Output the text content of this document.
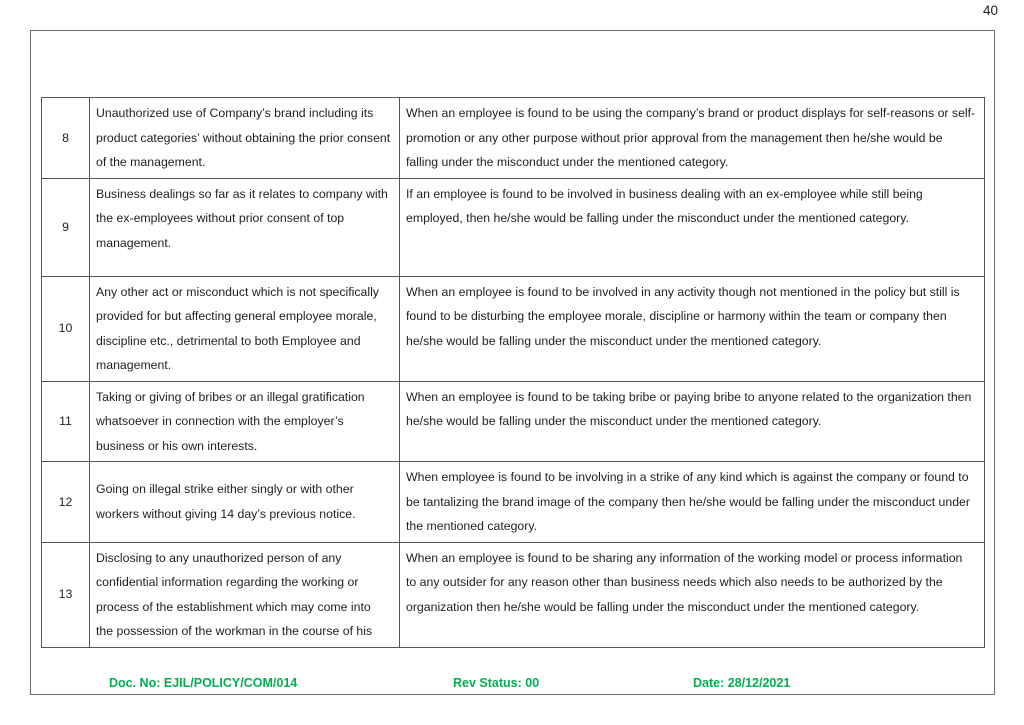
40
8	Unauthorized use of Company’s brand including its product categories’ without obtaining the prior consent of the management.	When an employee is found to be using the company’s brand or product displays for self-reasons or self-promotion or any other purpose without prior approval from the management then he/she would be falling under the misconduct under the mentioned category.
9	Business dealings so far as it relates to company with the ex-employees without prior consent of top management.	If an employee is found to be involved in business dealing with an ex-employee while still being employed, then he/she would be falling under the misconduct under the mentioned category.
10	Any other act or misconduct which is not specifically provided for but affecting general employee morale, discipline etc., detrimental to both Employee and management.	When an employee is found to be involved in any activity though not mentioned in the policy but still is found to be disturbing the employee morale, discipline or harmony within the team or company then he/she would be falling under the misconduct under the mentioned category.
11	Taking or giving of bribes or an illegal gratification whatsoever in connection with the employer’s business or his own interests.	When an employee is found to be taking bribe or paying bribe to anyone related to the organization then he/she would be falling under the misconduct under the mentioned category.
12	Going on illegal strike either singly or with other workers without giving 14 day’s previous notice.	When employee is found to be involving in a strike of any kind which is against the company or found to be tantalizing the brand image of the company then he/she would be falling under the misconduct under the mentioned category.
13	Disclosing to any unauthorized person of any confidential information regarding the working or process of the establishment which may come into the possession of the workman in the course of his	When an employee is found to be sharing any information of the working model or process information to any outsider for any reason other than business needs which also needs to be authorized by the organization then he/she would be falling under the misconduct under the mentioned category.
Doc. No: EJIL/POLICY/COM/014	Rev Status: 00	Date: 28/12/2021
